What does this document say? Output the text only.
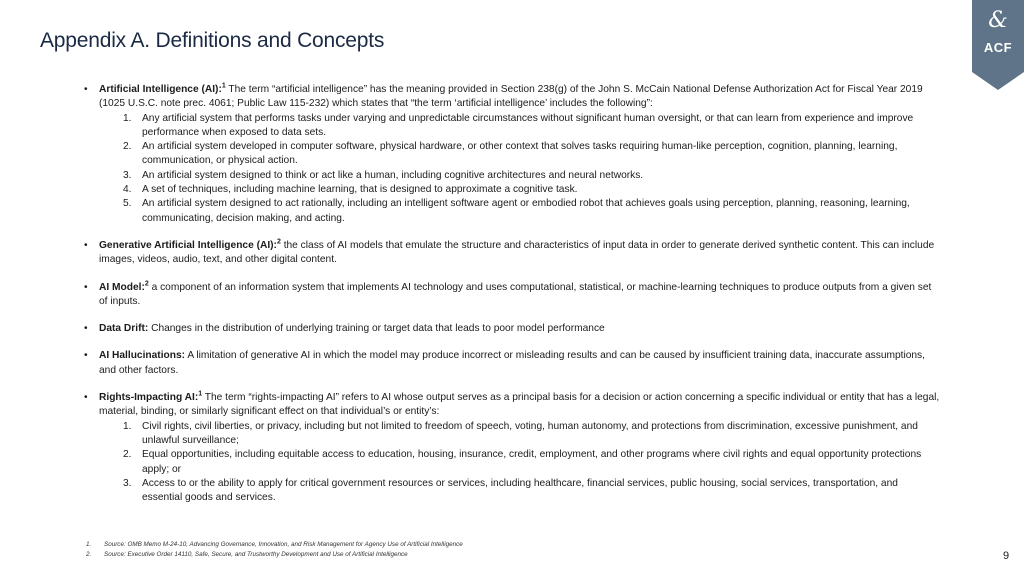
Appendix A. Definitions and Concepts
&
ACF
• Artificial Intelligence (AI):$^1$ The term “artificial intelligence” has the meaning provided in Section 238(g) of the John S. McCain National Defense Authorization Act for Fiscal Year 2019 (1025 U.S.C. note prec. 4061; Public Law 115-232) which states that “the term ‘artificial intelligence’ includes the following”:
1. Any artificial system that performs tasks under varying and unpredictable circumstances without significant human oversight, or that can learn from experience and improve performance when exposed to data sets.
2. An artificial system developed in computer software, physical hardware, or other context that solves tasks requiring human-like perception, cognition, planning, learning, communication, or physical action.
3. An artificial system designed to think or act like a human, including cognitive architectures and neural networks.
4. A set of techniques, including machine learning, that is designed to approximate a cognitive task.
5. An artificial system designed to act rationally, including an intelligent software agent or embodied robot that achieves goals using perception, planning, reasoning, learning, communicating, decision making, and acting.
• Generative Artificial Intelligence (AI):$^2$ the class of AI models that emulate the structure and characteristics of input data in order to generate derived synthetic content. This can include images, videos, audio, text, and other digital content.
• AI Model:$^2$ a component of an information system that implements AI technology and uses computational, statistical, or machine-learning techniques to produce outputs from a given set of inputs.
• Data Drift: Changes in the distribution of underlying training or target data that leads to poor model performance
• AI Hallucinations: A limitation of generative AI in which the model may produce incorrect or misleading results and can be caused by insufficient training data, inaccurate assumptions, and other factors.
• Rights-Impacting AI:$^1$ The term “rights-impacting AI” refers to AI whose output serves as a principal basis for a decision or action concerning a specific individual or entity that has a legal, material, binding, or similarly significant effect on that individual’s or entity’s:
1. Civil rights, civil liberties, or privacy, including but not limited to freedom of speech, voting, human autonomy, and protections from discrimination, excessive punishment, and unlawful surveillance;
2. Equal opportunities, including equitable access to education, housing, insurance, credit, employment, and other programs where civil rights and equal opportunity protections apply; or
3. Access to or the ability to apply for critical government resources or services, including healthcare, financial services, public housing, social services, transportation, and essential goods and services.
1. Source: OMB Memo M-24-10, Advancing Governance, Innovation, and Risk Management for Agency Use of Artificial Intelligence
2. Source: Executive Order 14110, Safe, Secure, and Trustworthy Development and Use of Artificial Intelligence	9
